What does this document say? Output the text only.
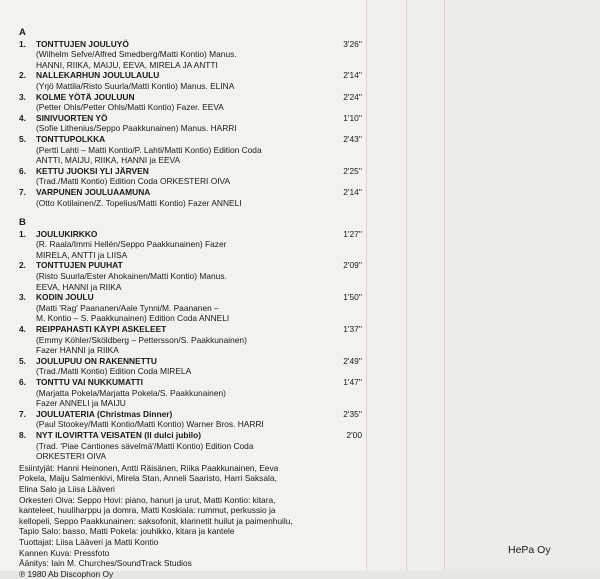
A
1. TONTTUJEN JOULUYÖ	3'26''
(Wilhelm Sefve/Alfred Smedberg/Matti Kontio) Manus.
HANNI, RIIKA, MAIJU, EEVA, MIRELA JA ANTTI
2. NALLEKARHUN JOULULAULU	2'14''
(Yrjö Mattila/Risto Suurla/Matti Kontio) Manus. ELINA
3. KOLME YÖTÄ JOULUUN	2'24''
(Petter Ohls/Petter Ohls/Matti Kontio) Fazer. EEVA
4. SINIVUORTEN YÖ	1'10''
(Sofie Lithenius/Seppo Paakkunainen) Manus. HARRI
5. TONTTUPOLKKA	2'43''
(Pertti Lahti – Matti Kontio/P. Lahti/Matti Kontio) Edition Coda
ANTTI, MAIJU, RIIKA, HANNI ja EEVA
6. KETTU JUOKSI YLI JÄRVEN	2'25''
(Trad./Matti Kontio) Edition Coda ORKESTERI OIVA
7. VARPUNEN JOULUAAMUNA	2'14''
(Otto Kotilainen/Z. Topelius/Matti Kontio) Fazer ANNELI
B
1. JOULUKIRKKO	1'27''
(R. Raala/Immi Hellén/Seppo Paakkunainen) Fazer
MIRELA, ANTTI ja LIISA
2. TONTTUJEN PUUHAT	2'09''
(Risto Suurla/Ester Ahokainen/Matti Kontio) Manus.
EEVA, HANNI ja RIIKA
3. KODIN JOULU	1'50''
(Matti 'Rag' Paananen/Aale Tynni/M. Paananen –
M. Kontio – S. Paakkunainen) Edition Coda ANNELI
4. REIPPAHASTI KÄYPI ASKELEET	1'37''
(Emmy Köhler/Sköldberg – Pettersson/S. Paakkunainen)
Fazer HANNI ja RIIKA
5. JOULUPUU ON RAKENNETTU	2'49''
(Trad./Matti Kontio) Edition Coda MIRELA
6. TONTTU VAI NUKKUMATTI	1'47''
(Marjatta Pokela/Marjatta Pokela/S. Paakkunainen)
Fazer ANNELI ja MAIJU
7. JOULUATERIA (Christmas Dinner)	2'35''
(Paul Stookey/Matti Kontio/Matti Kontio) Warner Bros. HARRI
8. NYT ILOVIRTTA VEISATEN (Il dulci jubilo)	2'00
(Trad. 'Piae Cantiones sävelmä'/Matti Kontio) Edition Coda
ORKESTERI OIVA
Esiintyjät: Hanni Heinonen, Antti Räisänen, Riika Paakkunainen, Eeva
Pokela, Maiju Salmenkivi, Mirela Stan, Anneli Saaristo, Harri Saksala,
Elina Salo ja Liisa Lääveri
Orkesteri Oiva: Seppo Hovi: piano, hanuri ja urut, Matti Kontio: kitara,
kanteleet, huuliharppu ja domra, Matti Koskiala: rummut, perkussio ja
kellopeli, Seppo Paakkunainen: saksofonit, klarinetit huilut ja paimenhuilu,
Tapio Salo: basso, Matti Pokela: jouhikko, kitara ja kantele
Tuottajat: Liisa Lääveri ja Matti Kontio
Kannen Kuva: Pressfoto
Äänitys: Iain M. Churches/SoundTrack Studios
℗ 1980 Ab Discophon Oy
HePa Oy
